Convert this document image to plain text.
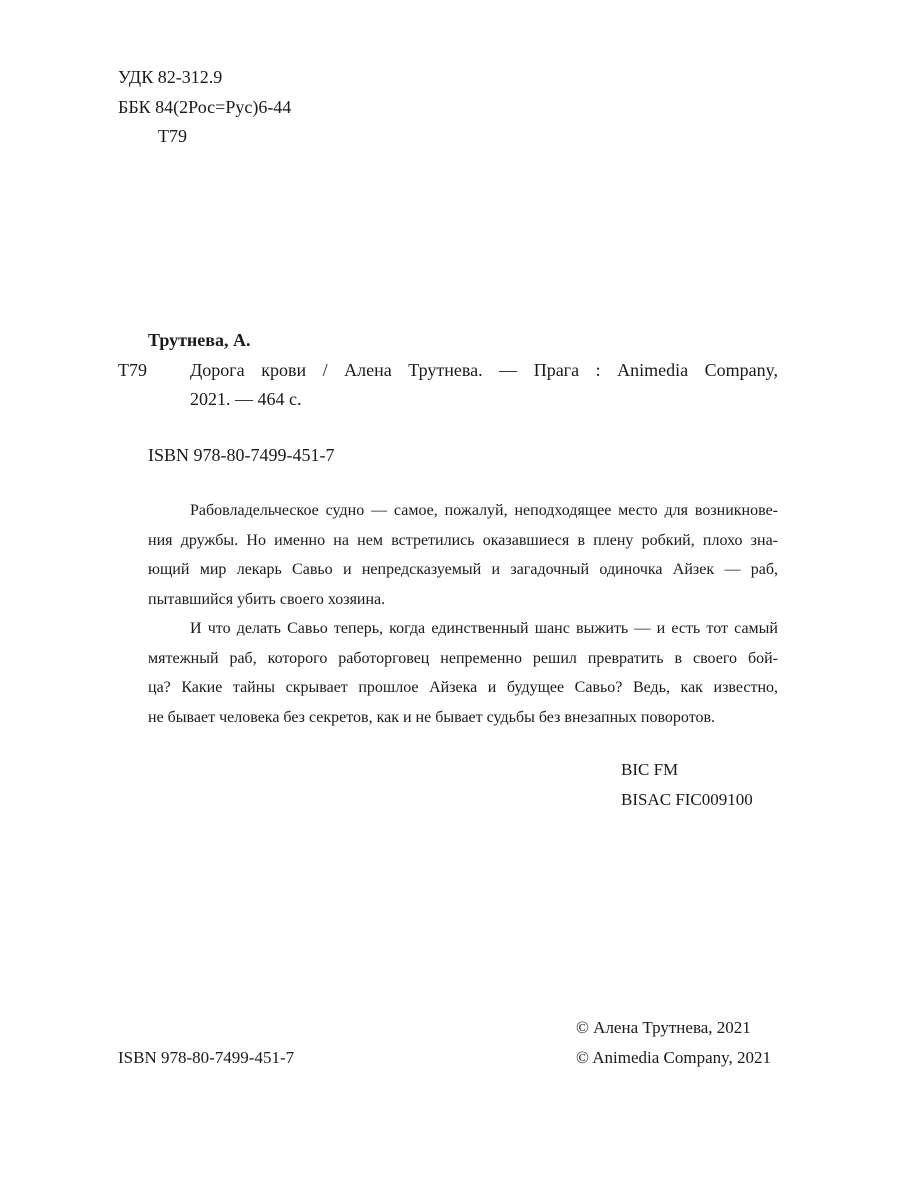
УДК 82-312.9
ББК 84(2Рос=Рус)6-44
Т79
Трутнева, А.
Т79 Дорога крови / Алена Трутнева. — Прага : Animedia Company,
2021. — 464 с.
ISBN 978-80-7499-451-7
Рабовладельческое судно — самое, пожалуй, неподходящее место для возникнове-
ния дружбы. Но именно на нем встретились оказавшиеся в плену робкий, плохо зна-
ющий мир лекарь Савьо и непредсказуемый и загадочный одиночка Айзек — раб,
пытавшийся убить своего хозяина.
И что делать Савьо теперь, когда единственный шанс выжить — и есть тот самый
мятежный раб, которого работорговец непременно решил превратить в своего бой-
ца? Какие тайны скрывает прошлое Айзека и будущее Савьо? Ведь, как известно,
не бывает человека без секретов, как и не бывает судьбы без внезапных поворотов.
BIC FM
BISAC FIC009100
© Алена Трутнева, 2021
© Animedia Company, 2021
ISBN 978-80-7499-451-7
